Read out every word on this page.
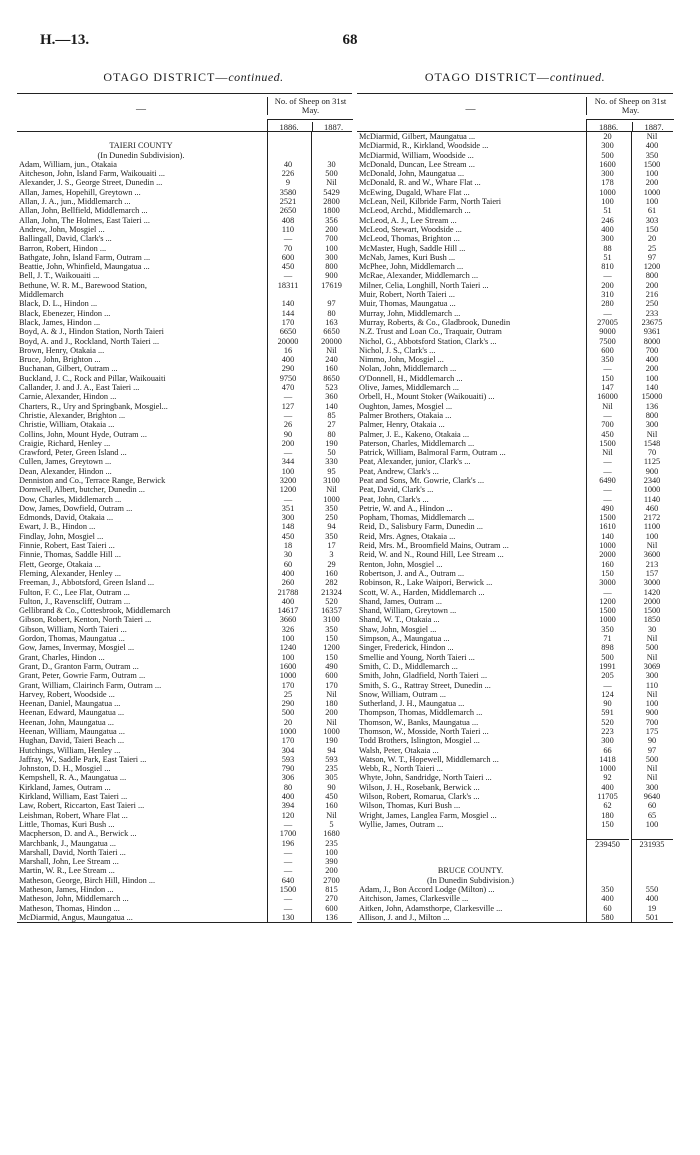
H.—13.	68
OTAGO DISTRICT—continued.	OTAGO DISTRICT—continued.
—
No. of Sheep on 31st May.
1886.	1887.
TAIERI COUNTY
(In Dunedin Subdivision).
Adam, William, jun., Otakaia	40	30
Aitcheson, John, Island Farm, Waikouaiti ...	226	500
Alexander, J. S., George Street, Dunedin ...	9	Nil
Allan, James, Hopehill, Greytown ...	3580	5429
Allan, J. A., jun., Middlemarch ...	2521	2800
Allan, John, Bellfield, Middlemarch ...	2650	1800
Allan, John, The Holmes, East Taieri ...	408	356
Andrew, John, Mosgiel ...	110	200
Ballingall, David, Clark's ...	—	700
Barron, Robert, Hindon ...	70	100
Bathgate, John, Island Farm, Outram ...	600	300
Beattie, John, Whinfield, Maungatua ...	450	800
Bell, J. T., Waikouaiti ...	—	900
Bethune, W. R. M., Barewood Station,	18311	17619
Middlemarch
Black, D. L., Hindon ...	140	97
Black, Ebenezer, Hindon ...	144	80
Black, James, Hindon ...	170	163
Boyd, A. & J., Hindon Station, North Taieri	6650	6650
Boyd, A. and J., Rockland, North Taieri ...	20000	20000
Brown, Henry, Otakaia ...	16	Nil
Bruce, John, Brighton ...	400	240
Buchanan, Gilbert, Outram ...	290	160
Buckland, J. C., Rock and Pillar, Waikouaiti	9750	8650
Callander, J. and J. A., East Taieri ...	470	523
Carnie, Alexander, Hindon ...	—	360
Charters, R., Ury and Springbank, Mosgiel...	127	140
Christie, Alexander, Brighton ...	—	85
Christie, William, Otakaia ...	26	27
Collins, John, Mount Hyde, Outram ...	90	80
Craigie, Richard, Henley ...	200	190
Crawford, Peter, Green Island ...	—	50
Cullen, James, Greytown ...	344	330
Dean, Alexander, Hindon ...	100	95
Denniston and Co., Terrace Range, Berwick	3200	3100
Dornwell, Albert, butcher, Dunedin ...	1200	Nil
Dow, Charles, Middlemarch ...	—	1000
Dow, James, Dowfield, Outram ...	351	350
Edmonds, David, Otakaia ...	300	250
Ewart, J. B., Hindon ...	148	94
Findlay, John, Mosgiel ...	450	350
Finnie, Robert, East Taieri ...	18	17
Finnie, Thomas, Saddle Hill ...	30	3
Flett, George, Otakaia ...	60	29
Fleming, Alexander, Henley ...	400	160
Freeman, J., Abbotsford, Green Island ...	260	282
Fulton, F. C., Lee Flat, Outram ...	21788	21324
Fulton, J., Ravenscliff, Outram ...	400	520
Gellibrand & Co., Cottesbrook, Middlemarch	14617	16357
Gibson, Robert, Kenton, North Taieri ...	3660	3100
Gibson, William, North Taieri ...	326	350
Gordon, Thomas, Maungatua ...	100	150
Gow, James, Invermay, Mosgiel ...	1240	1200
Grant, Charles, Hindon ...	100	150
Grant, D., Granton Farm, Outram ...	1600	490
Grant, Peter, Gowrie Farm, Outram ...	1000	600
Grant, William, Clairinch Farm, Outram ...	170	170
Harvey, Robert, Woodside ...	25	Nil
Heenan, Daniel, Maungatua ...	290	180
Heenan, Edward, Maungatua ...	500	200
Heenan, John, Maungatua ...	20	Nil
Heenan, William, Maungatua ...	1000	1000
Hughan, David, Taieri Beach ...	170	190
Hutchings, William, Henley ...	304	94
Jaffray, W., Saddle Park, East Taieri ...	593	593
Johnston, D. H., Mosgiel ...	790	235
Kempshell, R. A., Maungatua ...	306	305
Kirkland, James, Outram ...	80	90
Kirkland, William, East Taieri ...	400	450
Law, Robert, Riccarton, East Taieri ...	394	160
Leishman, Robert, Whare Flat ...	120	Nil
Little, Thomas, Kuri Bush ...	—	5
Macpherson, D. and A., Berwick ...	1700	1680
Marchbank, J., Maungatua ...	196	235
Marshall, David, North Taieri ...	—	100
Marshall, John, Lee Stream ...	—	390
Martin, W. R., Lee Stream ...	—	200
Matheson, George, Birch Hill, Hindon ...	640	2700
Matheson, James, Hindon ...	1500	815
Matheson, John, Middlemarch ...	—	270
Matheson, Thomas, Hindon ...	—	600
McDiarmid, Angus, Maungatua ...	130	136
—
No. of Sheep on 31st May.
1886.	1887.
McDiarmid, Gilbert, Maungatua ...	20	Nil
McDiarmid, R., Kirkland, Woodside ...	300	400
McDiarmid, William, Woodside ...	500	350
McDonald, Duncan, Lee Stream ...	1600	1500
McDonald, John, Maungatua ...	300	100
McDonald, R. and W., Whare Flat ...	178	200
McEwing, Dugald, Whare Flat ...	1000	1000
McLean, Neil, Kilbride Farm, North Taieri	100	100
McLeod, Archd., Middlemarch ...	51	61
McLeod, A. J., Lee Stream ...	246	303
McLeod, Stewart, Woodside ...	400	150
McLeod, Thomas, Brighton ...	300	20
McMaster, Hugh, Saddle Hill ...	88	25
McNab, James, Kuri Bush ...	51	97
McPhee, John, Middlemarch ...	810	1200
McRae, Alexander, Middlemarch ...	—	800
Milner, Celia, Longhill, North Taieri ...	200	200
Muir, Robert, North Taieri ...	310	216
Muir, Thomas, Maungatua ...	280	250
Murray, John, Middlemarch ...	—	233
Murray, Roberts, & Co., Gladbrook, Dunedin	27005	23675
N.Z. Trust and Loan Co., Traquair, Outram	9000	9361
Nichol, G., Abbotsford Station, Clark's ...	7500	8000
Nichol, J. S., Clark's ...	600	700
Nimmo, John, Mosgiel ...	350	400
Nolan, John, Middlemarch ...	—	200
O'Donnell, H., Middlemarch ...	150	100
Olive, James, Middlemarch ...	147	140
Orbell, H., Mount Stoker (Waikouaiti) ...	16000	15000
Oughton, James, Mosgiel ...	Nil	136
Palmer Brothers, Otakaia ...	—	800
Palmer, Henry, Otakaia ...	700	300
Palmer, J. E., Kakeno, Otakaia ...	450	Nil
Paterson, Charles, Middlemarch ...	1500	1548
Patrick, William, Balmoral Farm, Outram ...	Nil	70
Peat, Alexander, junior, Clark's ...	—	1125
Peat, Andrew, Clark's ...	—	900
Peat and Sons, Mt. Gowrie, Clark's ...	6490	2340
Peat, David, Clark's ...	—	1000
Peat, John, Clark's ...	—	1140
Petrie, W. and A., Hindon ...	490	460
Popham, Thomas, Middlemarch ...	1500	2172
Reid, D., Salisbury Farm, Dunedin ...	1610	1100
Reid, Mrs. Agnes, Otakaia ...	140	100
Reid, Mrs. M., Broomfield Mains, Outram ...	1000	Nil
Reid, W. and N., Round Hill, Lee Stream ...	2000	3600
Renton, John, Mosgiel ...	160	213
Robertson, J. and A., Outram ...	150	157
Robinson, R., Lake Waipori, Berwick ...	3000	3000
Scott, W. A., Harden, Middlemarch ...	—	1420
Shand, James, Outram ...	1200	2000
Shand, William, Greytown ...	1500	1500
Shand, W. T., Otakaia ...	1000	1850
Shaw, John, Mosgiel ...	350	30
Simpson, A., Maungatua ...	71	Nil
Singer, Frederick, Hindon ...	898	500
Smellie and Young, North Taieri ...	500	Nil
Smith, C. D., Middlemarch ...	1991	3069
Smith, John, Gladfield, North Taieri ...	205	300
Smith, S. G., Rattray Street, Dunedin ...	—	110
Snow, William, Outram ...	124	Nil
Sutherland, J. H., Maungatua ...	90	100
Thompson, Thomas, Middlemarch ...	591	900
Thomson, W., Banks, Maungatua ...	520	700
Thomson, W., Mosside, North Taieri ...	223	175
Todd Brothers, Islington, Mosgiel ...	300	90
Walsh, Peter, Otakaia ...	66	97
Watson, W. T., Hopewell, Middlemarch ...	1418	500
Webb, R., North Taieri ...	1000	Nil
Whyte, John, Sandridge, North Taieri ...	92	Nil
Wilson, J. H., Rosebank, Berwick ...	400	300
Wilson, Robert, Romarua, Clark's ...	11705	9640
Wilson, Thomas, Kuri Bush ...	62	60
Wright, James, Langlea Farm, Mosgiel ...	180	65
Wyllie, James, Outram ...	150	100
239450	231935
BRUCE COUNTY.
(In Dunedin Subdivision.)
Adam, J., Bon Accord Lodge (Milton) ...	350	550
Aitchison, James, Clarkesville ...	400	400
Aitken, John, Adamsthorpe, Clarkesville ...	60	19
Allison, J. and J., Milton ...	580	501
